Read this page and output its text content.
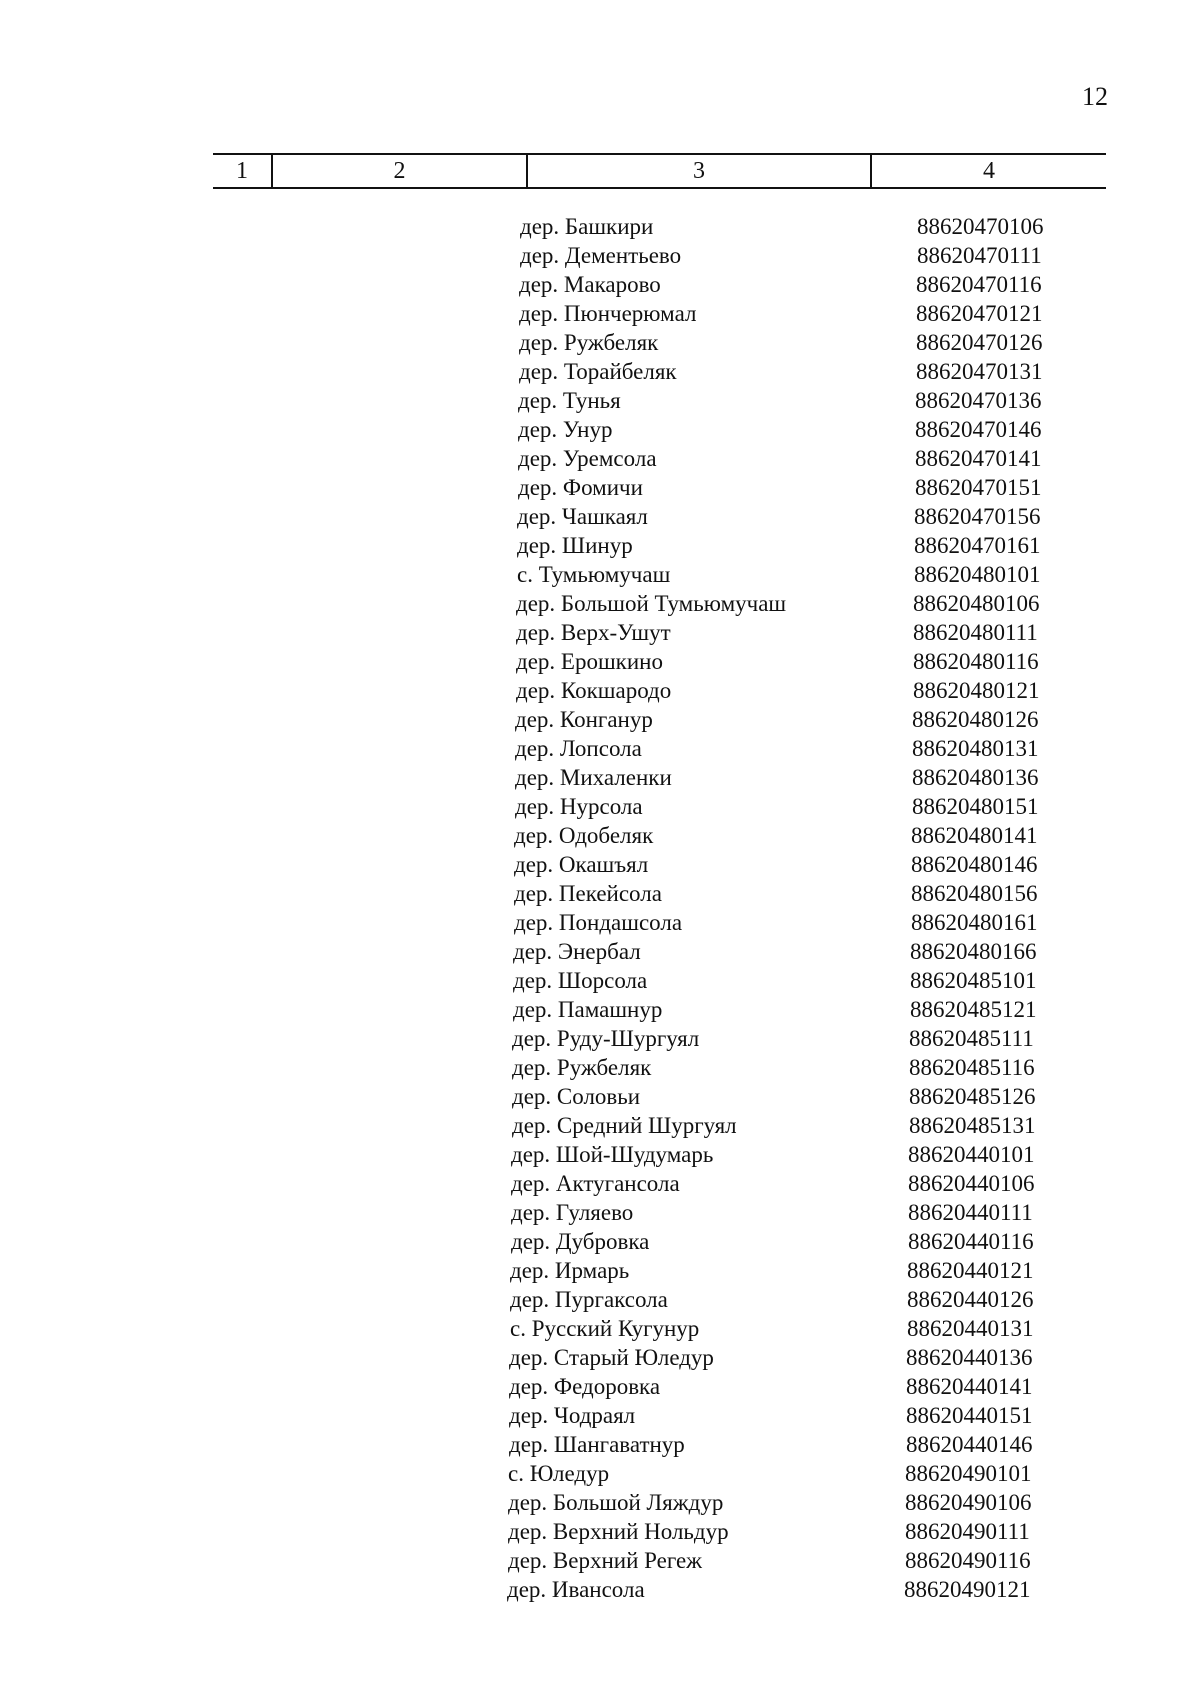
12
1	2	3	4
дер. Башкири	88620470106
дер. Дементьево	88620470111
дер. Макарово	88620470116
дер. Пюнчерюмал	88620470121
дер. Ружбеляк	88620470126
дер. Торайбеляк	88620470131
дер. Тунья	88620470136
дер. Унур	88620470146
дер. Уремсола	88620470141
дер. Фомичи	88620470151
дер. Чашкаял	88620470156
дер. Шинур	88620470161
с. Тумьюмучаш	88620480101
дер. Большой Тумьюмучаш	88620480106
дер. Верх-Ушут	88620480111
дер. Ерошкино	88620480116
дер. Кокшародо	88620480121
дер. Конганур	88620480126
дер. Лопсола	88620480131
дер. Михаленки	88620480136
дер. Нурсола	88620480151
дер. Одобеляк	88620480141
дер. Окашъял	88620480146
дер. Пекейсола	88620480156
дер. Пондашсола	88620480161
дер. Энербал	88620480166
дер. Шорсола	88620485101
дер. Памашнур	88620485121
дер. Руду-Шургуял	88620485111
дер. Ружбеляк	88620485116
дер. Соловьи	88620485126
дер. Средний Шургуял	88620485131
дер. Шой-Шудумарь	88620440101
дер. Актугансола	88620440106
дер. Гуляево	88620440111
дер. Дубровка	88620440116
дер. Ирмарь	88620440121
дер. Пургаксола	88620440126
с. Русский Кугунур	88620440131
дер. Старый Юледур	88620440136
дер. Федоровка	88620440141
дер. Чодраял	88620440151
дер. Шангаватнур	88620440146
с. Юледур	88620490101
дер. Большой Ляждур	88620490106
дер. Верхний Нольдур	88620490111
дер. Верхний Регеж	88620490116
дер. Ивансола	88620490121
